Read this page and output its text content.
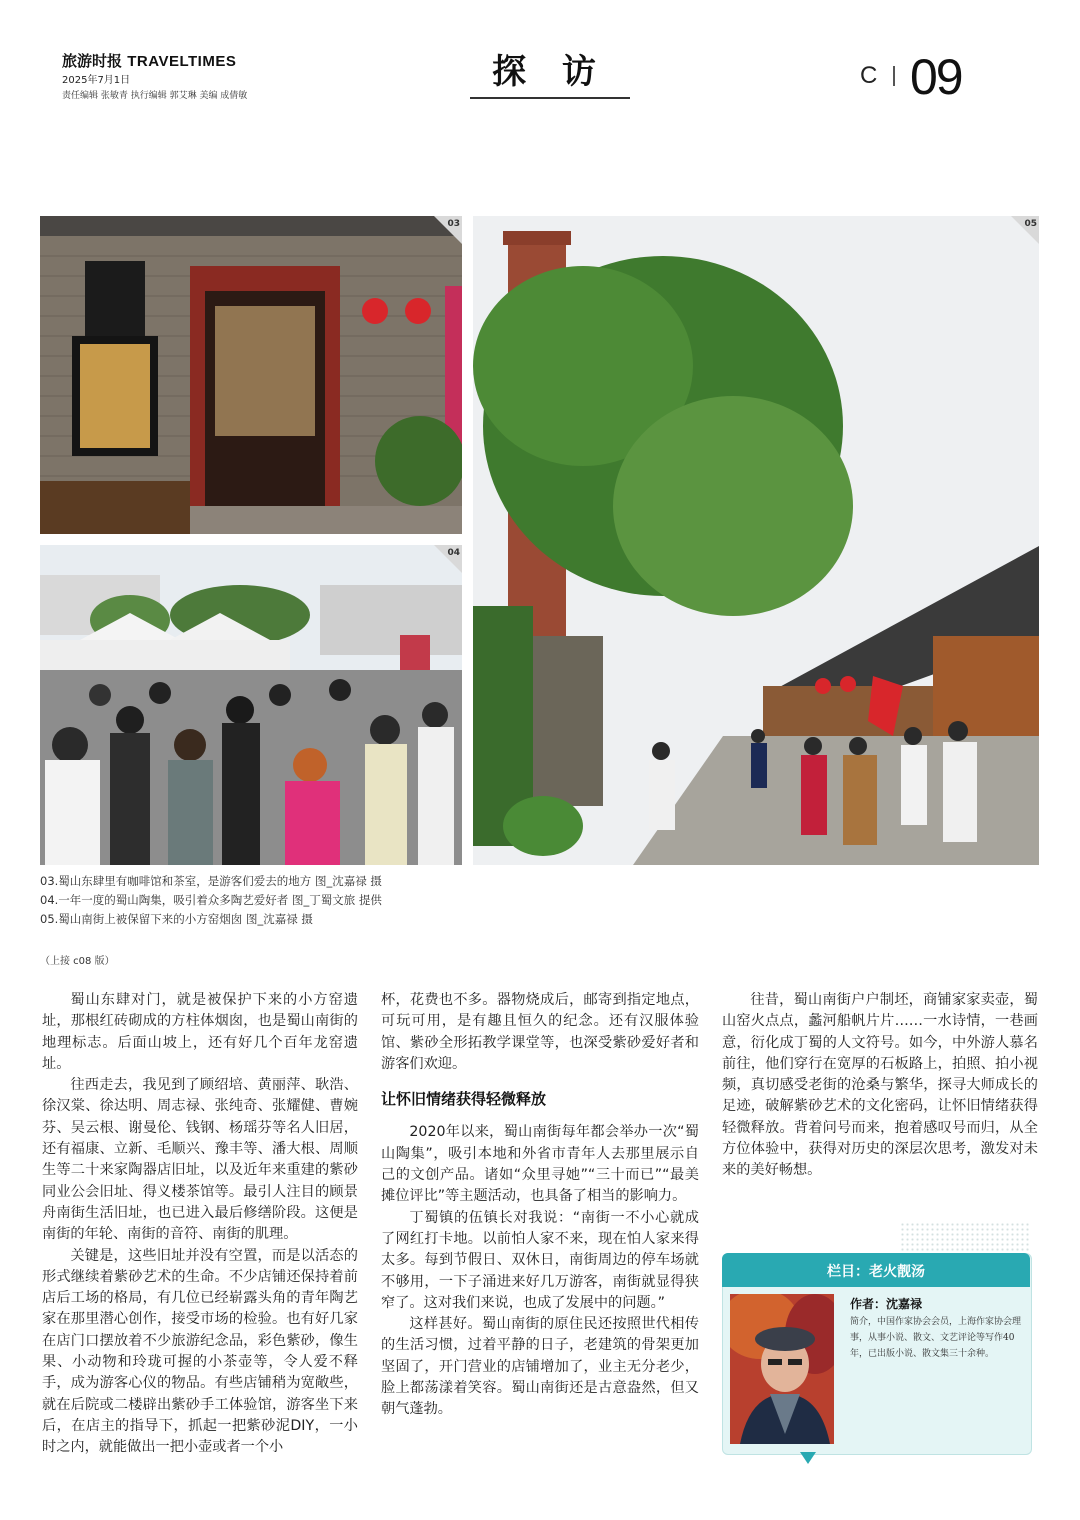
旅游时报 TRAVELTIMES
2025年7月1日
责任编辑 张敏青 执行编辑 郭艾琳 美编 成倩敏
探 访	C 09
03
04
05
03.蜀山东肆里有咖啡馆和茶室，是游客们爱去的地方 图_沈嘉禄 摄
04.一年一度的蜀山陶集，吸引着众多陶艺爱好者 图_丁蜀文旅 提供
05.蜀山南街上被保留下来的小方窑烟囱 图_沈嘉禄 摄
（上接 c08 版）

蜀山东肆对门，就是被保护下来的小方窑遗址，那根红砖砌成的方柱体烟囱，也是蜀山南街的地理标志。后面山坡上，还有好几个百年龙窑遗址。

往西走去，我见到了顾绍培、黄丽萍、耿浩、徐汉棠、徐达明、周志禄、张纯奇、张耀健、曹婉芬、吴云根、谢曼伦、钱钢、杨瑶芬等名人旧居，还有福康、立新、毛顺兴、豫丰等、潘大根、周顺生等二十来家陶器店旧址，以及近年来重建的紫砂同业公会旧址、得义楼茶馆等。最引人注目的顾景舟南街生活旧址，也已进入最后修缮阶段。这便是南街的年轮、南街的音符、南街的肌理。

关键是，这些旧址并没有空置，而是以活态的形式继续着紫砂艺术的生命。不少店铺还保持着前店后工场的格局，有几位已经崭露头角的青年陶艺家在那里潜心创作，接受市场的检验。也有好几家在店门口摆放着不少旅游纪念品，彩色紫砂，像生果、小动物和玲珑可握的小茶壶等，令人爱不释手，成为游客心仪的物品。有些店铺稍为宽敞些，就在后院或二楼辟出紫砂手工体验馆，游客坐下来后，在店主的指导下，抓起一把紫砂泥DIY，一小时之内，就能做出一把小壶或者一个小

杯，花费也不多。器物烧成后，邮寄到指定地点，可玩可用，是有趣且恒久的纪念。还有汉服体验馆、紫砂全形拓教学课堂等，也深受紫砂爱好者和游客们欢迎。

让怀旧情绪获得轻微释放

2020年以来，蜀山南街每年都会举办一次“蜀山陶集”，吸引本地和外省市青年人去那里展示自己的文创产品。诸如“众里寻她”“三十而已”“最美摊位评比”等主题活动，也具备了相当的影响力。

丁蜀镇的伍镇长对我说：“南街一不小心就成了网红打卡地。以前怕人家不来，现在怕人家来得太多。每到节假日、双休日，南街周边的停车场就不够用，一下子涌进来好几万游客，南街就显得狭窄了。这对我们来说，也成了发展中的问题。”

这样甚好。蜀山南街的原住民还按照世代相传的生活习惯，过着平静的日子，老建筑的骨架更加坚固了，开门营业的店铺增加了，业主无分老少，脸上都荡漾着笑容。蜀山南街还是古意盎然，但又朝气蓬勃。

往昔，蜀山南街户户制坯，商铺家家卖壶，蜀山窑火点点，蠡河船帆片片……一水诗情，一巷画意，衍化成丁蜀的人文符号。如今，中外游人慕名前往，他们穿行在宽厚的石板路上，拍照、拍小视频，真切感受老街的沧桑与繁华，探寻大师成长的足迹，破解紫砂艺术的文化密码，让怀旧情绪获得轻微释放。背着问号而来，抱着感叹号而归，从全方位体验中，获得对历史的深层次思考，激发对未来的美好畅想。

栏目：老火靓汤
作者：沈嘉禄
简介，中国作家协会会员，上海作家协会理事，从事小说、散文、文艺评论等写作40年，已出版小说、散文集三十余种。
